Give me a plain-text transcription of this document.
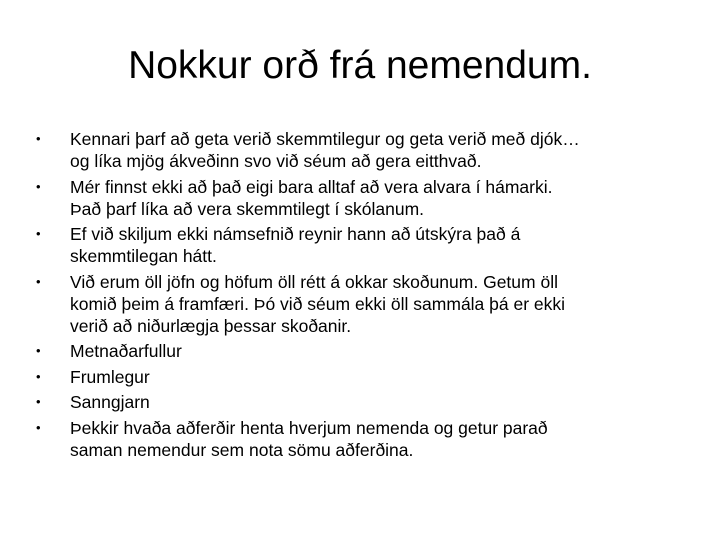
Nokkur orð frá nemendum.
•	Kennari þarf að geta verið skemmtilegur og geta verið með djók…
og líka mjög ákveðinn svo við séum að gera eitthvað.
•	Mér finnst ekki að það eigi bara alltaf að vera alvara í hámarki.
Það þarf líka að vera skemmtilegt í skólanum.
•	Ef við skiljum ekki námsefnið reynir hann að útskýra það á
skemmtilegan hátt.
•	Við erum öll jöfn og höfum öll rétt á okkar skoðunum. Getum öll
komið þeim á framfæri. Þó við séum ekki öll sammála þá er ekki
verið að niðurlægja þessar skoðanir.
•	Metnaðarfullur
•	Frumlegur
•	Sanngjarn
•	Þekkir hvaða aðferðir henta hverjum nemenda og getur parað
saman nemendur sem nota sömu aðferðina.
